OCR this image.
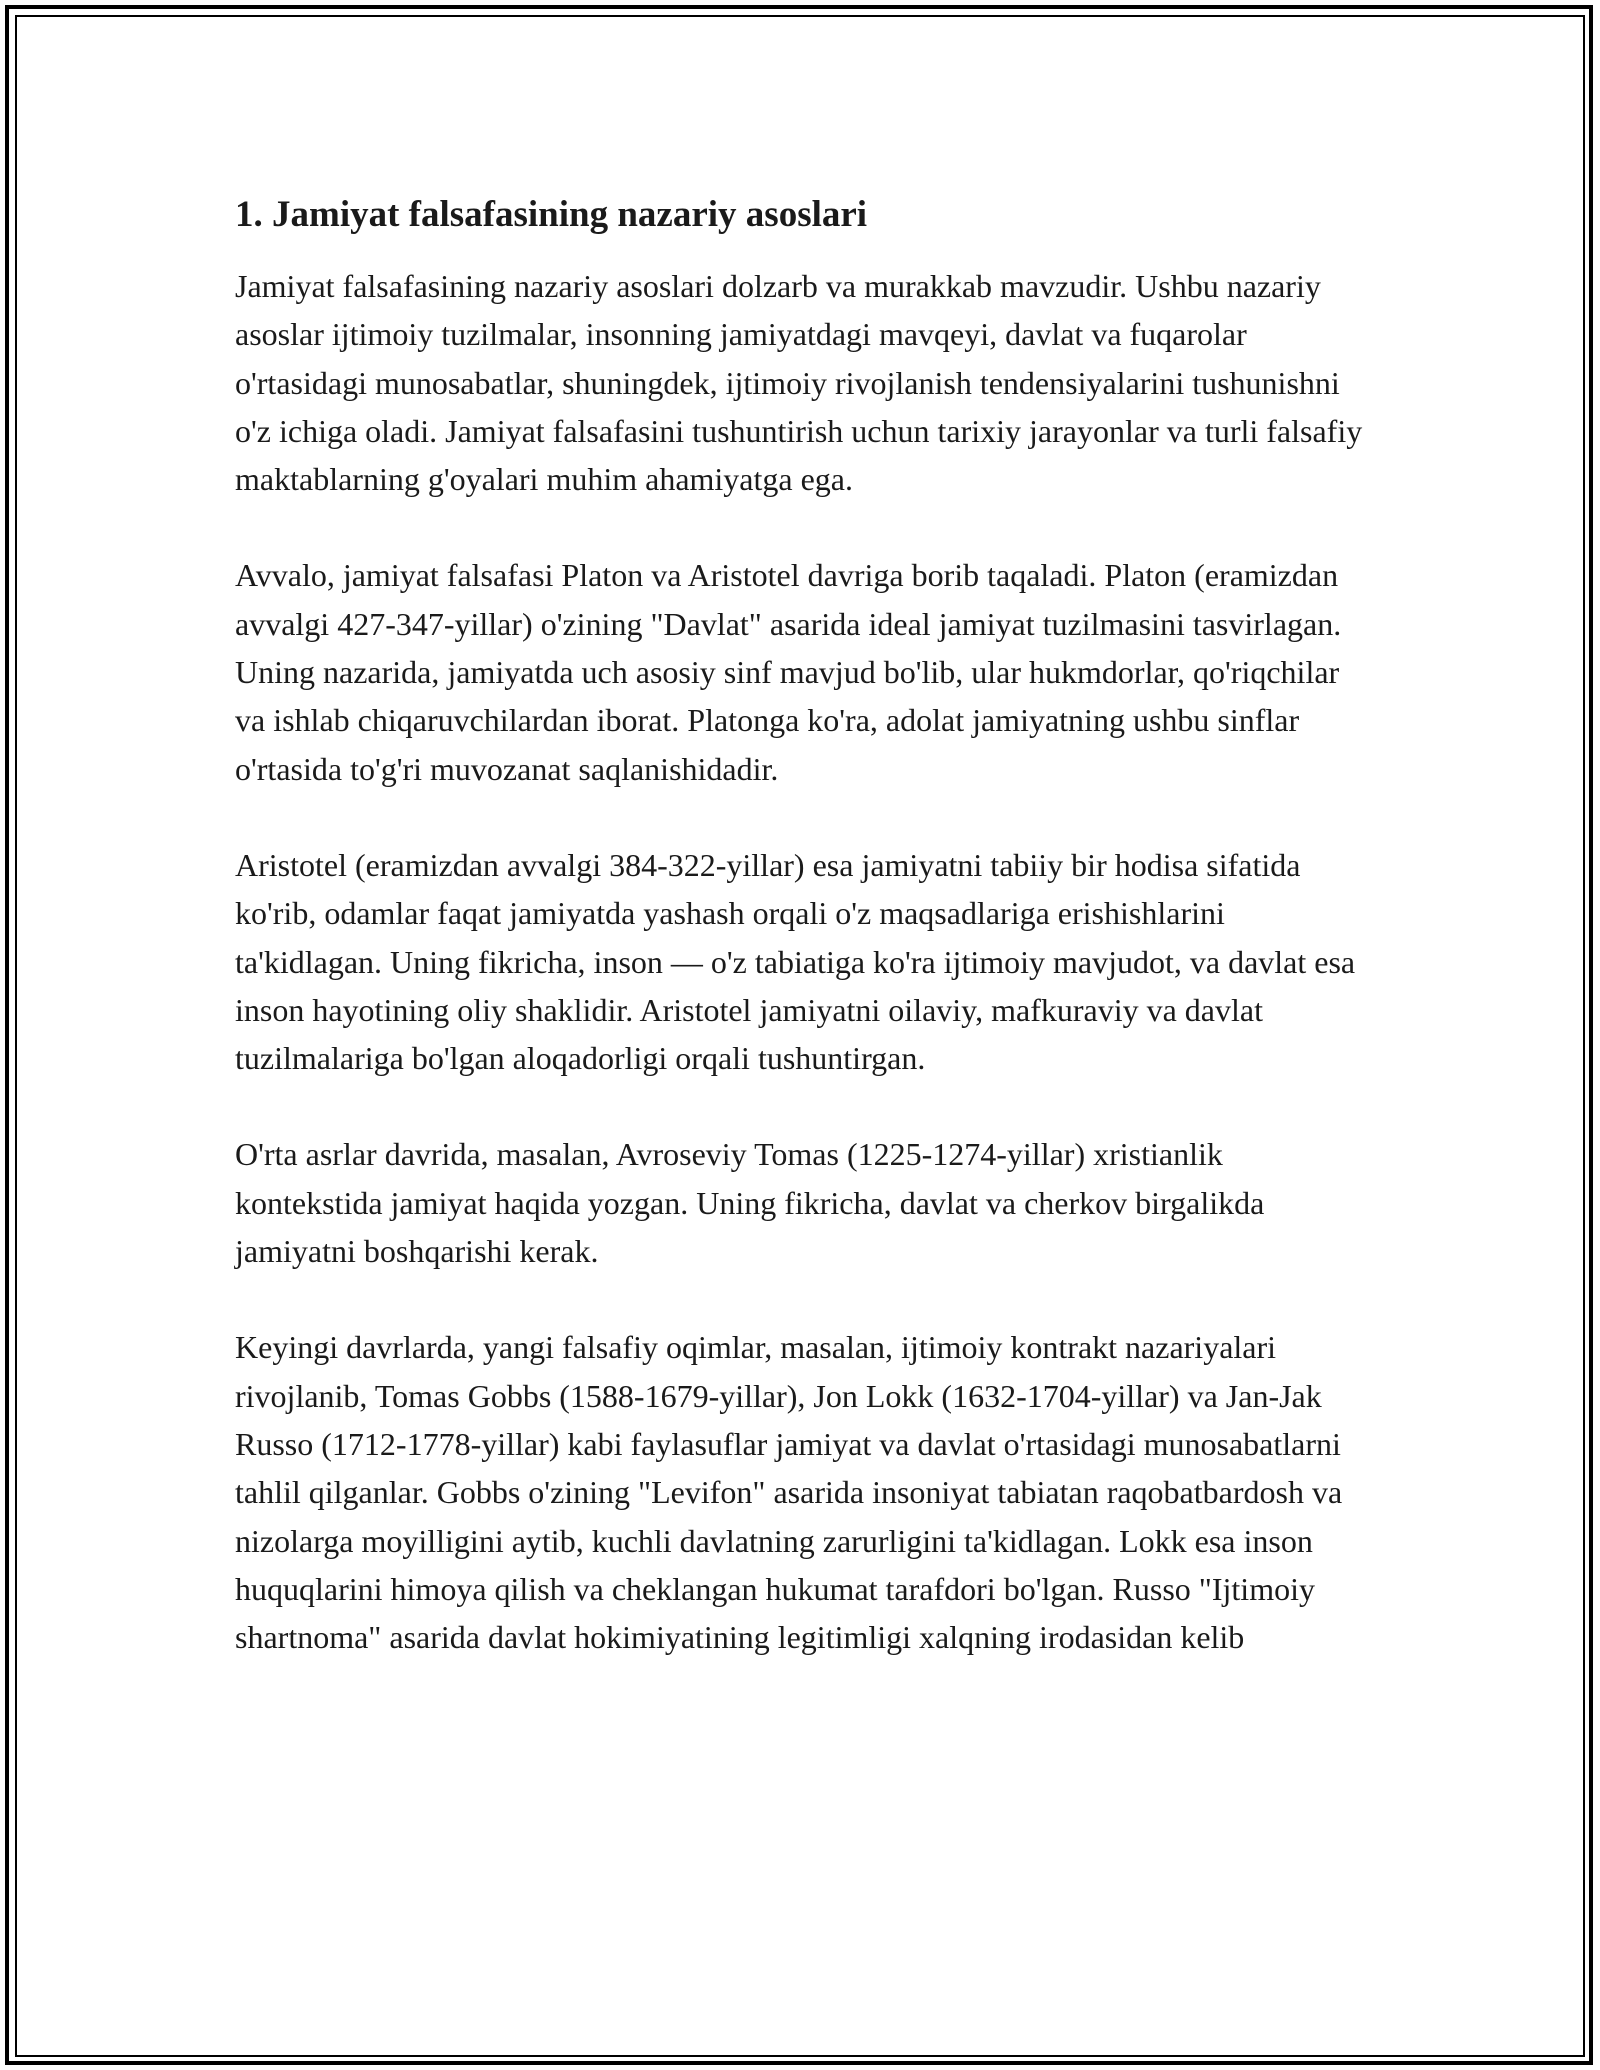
1. Jamiyat falsafasining nazariy asoslari

Jamiyat falsafasining nazariy asoslari dolzarb va murakkab mavzudir. Ushbu nazariy asoslar ijtimoiy tuzilmalar, insonning jamiyatdagi mavqeyi, davlat va fuqarolar o'rtasidagi munosabatlar, shuningdek, ijtimoiy rivojlanish tendensiyalarini tushunishni o'z ichiga oladi. Jamiyat falsafasini tushuntirish uchun tarixiy jarayonlar va turli falsafiy maktablarning g'oyalari muhim ahamiyatga ega.

Avvalo, jamiyat falsafasi Platon va Aristotel davriga borib taqaladi. Platon (eramizdan avvalgi 427-347-yillar) o'zining "Davlat" asarida ideal jamiyat tuzilmasini tasvirlagan. Uning nazarida, jamiyatda uch asosiy sinf mavjud bo'lib, ular hukmdorlar, qo'riqchilar va ishlab chiqaruvchilardan iborat. Platonga ko'ra, adolat jamiyatning ushbu sinflar o'rtasida to'g'ri muvozanat saqlanishidadir.

Aristotel (eramizdan avvalgi 384-322-yillar) esa jamiyatni tabiiy bir hodisa sifatida ko'rib, odamlar faqat jamiyatda yashash orqali o'z maqsadlariga erishishlarini ta'kidlagan. Uning fikricha, inson — o'z tabiatiga ko'ra ijtimoiy mavjudot, va davlat esa inson hayotining oliy shaklidir. Aristotel jamiyatni oilaviy, mafkuraviy va davlat tuzilmalariga bo'lgan aloqadorligi orqali tushuntirgan.

O'rta asrlar davrida, masalan, Avroseviy Tomas (1225-1274-yillar) xristianlik kontekstida jamiyat haqida yozgan. Uning fikricha, davlat va cherkov birgalikda jamiyatni boshqarishi kerak.

Keyingi davrlarda, yangi falsafiy oqimlar, masalan, ijtimoiy kontrakt nazariyalari rivojlanib, Tomas Gobbs (1588-1679-yillar), Jon Lokk (1632-1704-yillar) va Jan-Jak Russo (1712-1778-yillar) kabi faylasuflar jamiyat va davlat o'rtasidagi munosabatlarni tahlil qilganlar. Gobbs o'zining "Levifon" asarida insoniyat tabiatan raqobatbardosh va nizolarga moyilligini aytib, kuchli davlatning zarurligini ta'kidlagan. Lokk esa inson huquqlarini himoya qilish va cheklangan hukumat tarafdori bo'lgan. Russo "Ijtimoiy shartnoma" asarida davlat hokimiyatining legitimligi xalqning irodasidan kelib
